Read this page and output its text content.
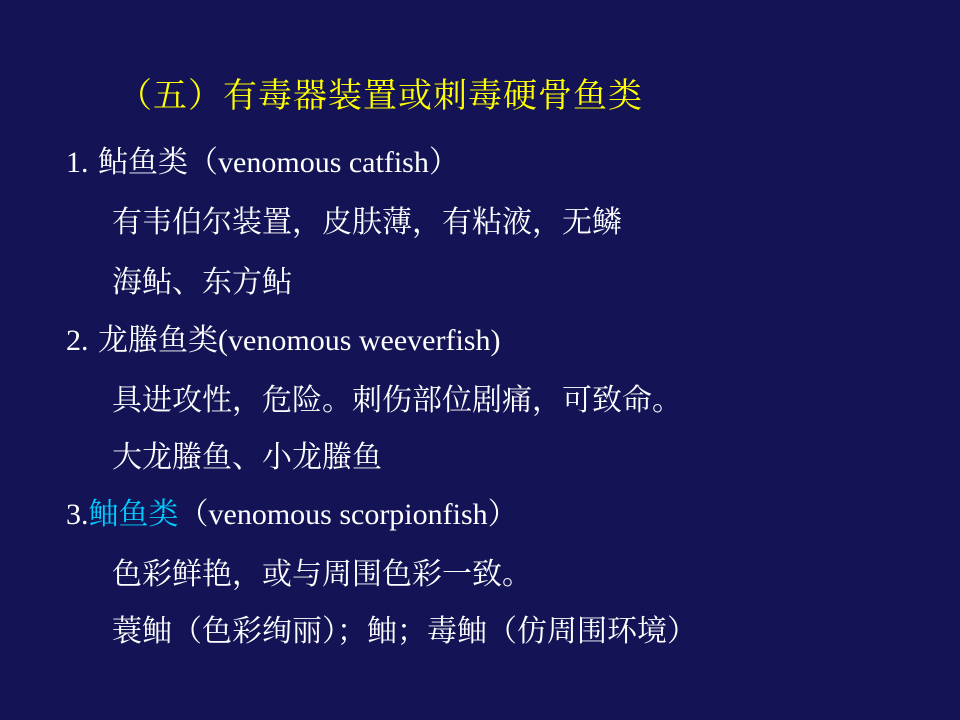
（五）有毒器装置或刺毒硬骨鱼类
1. 鲇鱼类（venomous catfish）
有韦伯尔装置，皮肤薄，有粘液，无鳞
海鲇、东方鲇
2. 龙螣鱼类(venomous weeverfish)
具进攻性，危险。刺伤部位剧痛，可致命。
大龙螣鱼、小龙螣鱼
3.鲉鱼类（venomous scorpionfish）
色彩鲜艳，或与周围色彩一致。
蓑鲉（色彩绚丽）；鲉；毒鲉（仿周围环境）
